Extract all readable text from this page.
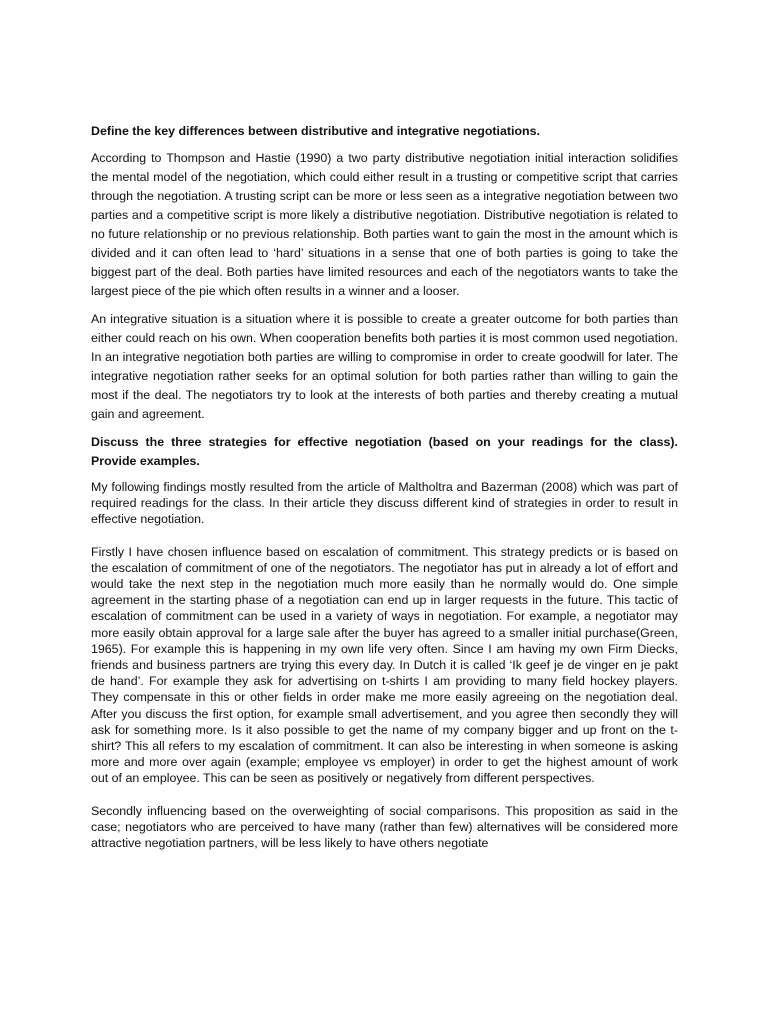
Define the key differences between distributive and integrative negotiations.

According to Thompson and Hastie (1990) a two party distributive negotiation initial interaction solidifies the mental model of the negotiation, which could either result in a trusting or competitive script that carries through the negotiation. A trusting script can be more or less seen as a integrative negotiation between two parties and a competitive script is more likely a distributive negotiation. Distributive negotiation is related to no future relationship or no previous relationship. Both parties want to gain the most in the amount which is divided and it can often lead to ‘hard’ situations in a sense that one of both parties is going to take the biggest part of the deal. Both parties have limited resources and each of the negotiators wants to take the largest piece of the pie which often results in a winner and a looser.

An integrative situation is a situation where it is possible to create a greater outcome for both parties than either could reach on his own. When cooperation benefits both parties it is most common used negotiation. In an integrative negotiation both parties are willing to compromise in order to create goodwill for later. The integrative negotiation rather seeks for an optimal solution for both parties rather than willing to gain the most if the deal. The negotiators try to look at the interests of both parties and thereby creating a mutual gain and agreement.

Discuss the three strategies for effective negotiation (based on your readings for the class). Provide examples.

My following findings mostly resulted from the article of Maltholtra and Bazerman (2008) which was part of required readings for the class. In their article they discuss different kind of strategies in order to result in effective negotiation.

Firstly I have chosen influence based on escalation of commitment. This strategy predicts or is based on the escalation of commitment of one of the negotiators. The negotiator has put in already a lot of effort and would take the next step in the negotiation much more easily than he normally would do. One simple agreement in the starting phase of a negotiation can end up in larger requests in the future. This tactic of escalation of commitment can be used in a variety of ways in negotiation. For example, a negotiator may more easily obtain approval for a large sale after the buyer has agreed to a smaller initial purchase(Green, 1965). For example this is happening in my own life very often. Since I am having my own Firm Diecks, friends and business partners are trying this every day. In Dutch it is called ‘Ik geef je de vinger en je pakt de hand’. For example they ask for advertising on t-shirts I am providing to many field hockey players. They compensate in this or other fields in order make me more easily agreeing on the negotiation deal. After you discuss the first option, for example small advertisement, and you agree then secondly they will ask for something more. Is it also possible to get the name of my company bigger and up front on the t-shirt? This all refers to my escalation of commitment. It can also be interesting in when someone is asking more and more over again (example; employee vs employer) in order to get the highest amount of work out of an employee. This can be seen as positively or negatively from different perspectives.

Secondly influencing based on the overweighting of social comparisons. This proposition as said in the case; negotiators who are perceived to have many (rather than few) alternatives will be considered more attractive negotiation partners, will be less likely to have others negotiate
